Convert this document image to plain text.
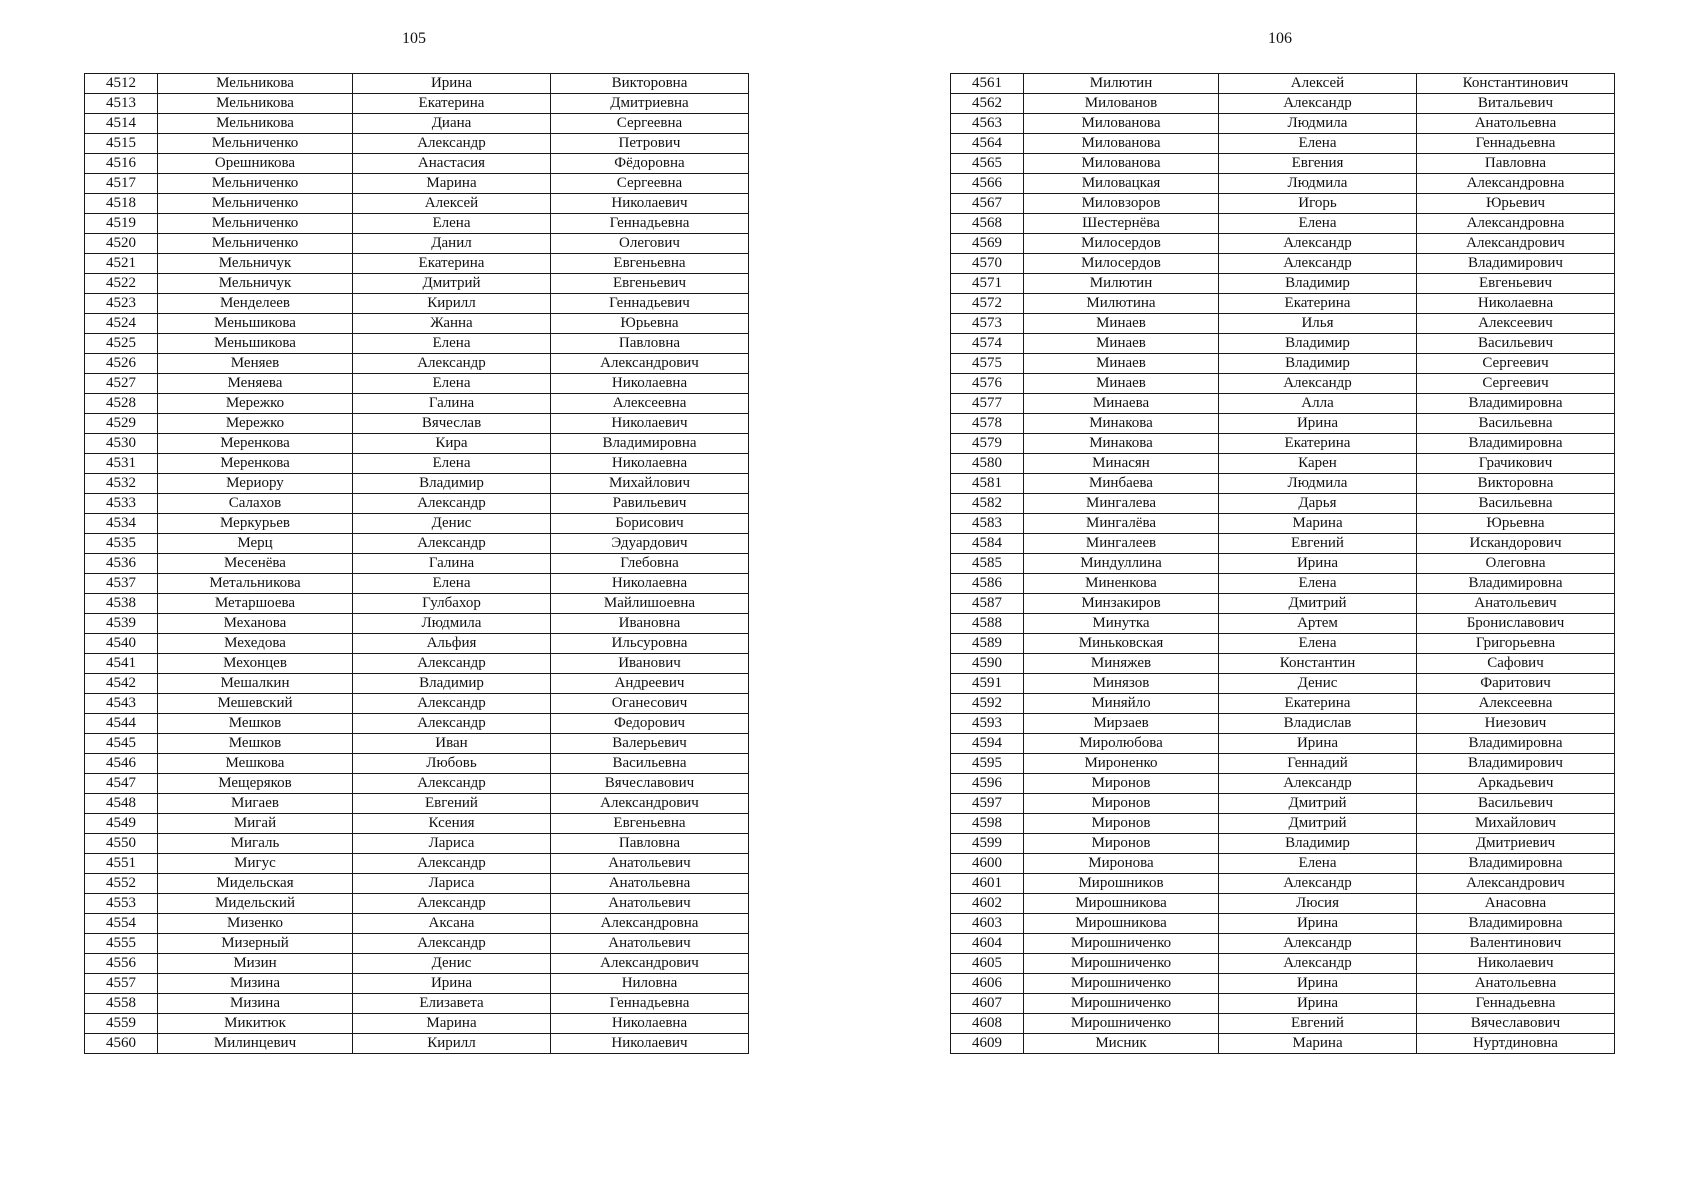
105
4512	Мельникова	Ирина	Викторовна
4513	Мельникова	Екатерина	Дмитриевна
4514	Мельникова	Диана	Сергеевна
4515	Мельниченко	Александр	Петрович
4516	Орешникова	Анастасия	Фёдоровна
4517	Мельниченко	Марина	Сергеевна
4518	Мельниченко	Алексей	Николаевич
4519	Мельниченко	Елена	Геннадьевна
4520	Мельниченко	Данил	Олегович
4521	Мельничук	Екатерина	Евгеньевна
4522	Мельничук	Дмитрий	Евгеньевич
4523	Менделеев	Кирилл	Геннадьевич
4524	Меньшикова	Жанна	Юрьевна
4525	Меньшикова	Елена	Павловна
4526	Меняев	Александр	Александрович
4527	Меняева	Елена	Николаевна
4528	Мережко	Галина	Алексеевна
4529	Мережко	Вячеслав	Николаевич
4530	Меренкова	Кира	Владимировна
4531	Меренкова	Елена	Николаевна
4532	Мериору	Владимир	Михайлович
4533	Салахов	Александр	Равильевич
4534	Меркурьев	Денис	Борисович
4535	Мерц	Александр	Эдуардович
4536	Месенёва	Галина	Глебовна
4537	Метальникова	Елена	Николаевна
4538	Метаршоева	Гулбахор	Майлишоевна
4539	Механова	Людмила	Ивановна
4540	Мехедова	Альфия	Ильсуровна
4541	Мехонцев	Александр	Иванович
4542	Мешалкин	Владимир	Андреевич
4543	Мешевский	Александр	Оганесович
4544	Мешков	Александр	Федорович
4545	Мешков	Иван	Валерьевич
4546	Мешкова	Любовь	Васильевна
4547	Мещеряков	Александр	Вячеславович
4548	Мигаев	Евгений	Александрович
4549	Мигай	Ксения	Евгеньевна
4550	Мигаль	Лариса	Павловна
4551	Мигус	Александр	Анатольевич
4552	Мидельская	Лариса	Анатольевна
4553	Мидельский	Александр	Анатольевич
4554	Мизенко	Аксана	Александровна
4555	Мизерный	Александр	Анатольевич
4556	Мизин	Денис	Александрович
4557	Мизина	Ирина	Ниловна
4558	Мизина	Елизавета	Геннадьевна
4559	Микитюк	Марина	Николаевна
4560	Милинцевич	Кирилл	Николаевич
106
4561	Милютин	Алексей	Константинович
4562	Милованов	Александр	Витальевич
4563	Милованова	Людмила	Анатольевна
4564	Милованова	Елена	Геннадьевна
4565	Милованова	Евгения	Павловна
4566	Миловацкая	Людмила	Александровна
4567	Миловзоров	Игорь	Юрьевич
4568	Шестернёва	Елена	Александровна
4569	Милосердов	Александр	Александрович
4570	Милосердов	Александр	Владимирович
4571	Милютин	Владимир	Евгеньевич
4572	Милютина	Екатерина	Николаевна
4573	Минаев	Илья	Алексеевич
4574	Минаев	Владимир	Васильевич
4575	Минаев	Владимир	Сергеевич
4576	Минаев	Александр	Сергеевич
4577	Минаева	Алла	Владимировна
4578	Минакова	Ирина	Васильевна
4579	Минакова	Екатерина	Владимировна
4580	Минасян	Карен	Грачикович
4581	Минбаева	Людмила	Викторовна
4582	Мингалева	Дарья	Васильевна
4583	Мингалёва	Марина	Юрьевна
4584	Мингалеев	Евгений	Искандорович
4585	Миндуллина	Ирина	Олеговна
4586	Миненкова	Елена	Владимировна
4587	Минзакиров	Дмитрий	Анатольевич
4588	Минутка	Артем	Брониславович
4589	Миньковская	Елена	Григорьевна
4590	Миняжев	Константин	Сафович
4591	Минязов	Денис	Фаритович
4592	Миняйло	Екатерина	Алексеевна
4593	Мирзаев	Владислав	Ниезович
4594	Миролюбова	Ирина	Владимировна
4595	Мироненко	Геннадий	Владимирович
4596	Миронов	Александр	Аркадьевич
4597	Миронов	Дмитрий	Васильевич
4598	Миронов	Дмитрий	Михайлович
4599	Миронов	Владимир	Дмитриевич
4600	Миронова	Елена	Владимировна
4601	Мирошников	Александр	Александрович
4602	Мирошникова	Люсия	Анасовна
4603	Мирошникова	Ирина	Владимировна
4604	Мирошниченко	Александр	Валентинович
4605	Мирошниченко	Александр	Николаевич
4606	Мирошниченко	Ирина	Анатольевна
4607	Мирошниченко	Ирина	Геннадьевна
4608	Мирошниченко	Евгений	Вячеславович
4609	Мисник	Марина	Нуртдиновна
